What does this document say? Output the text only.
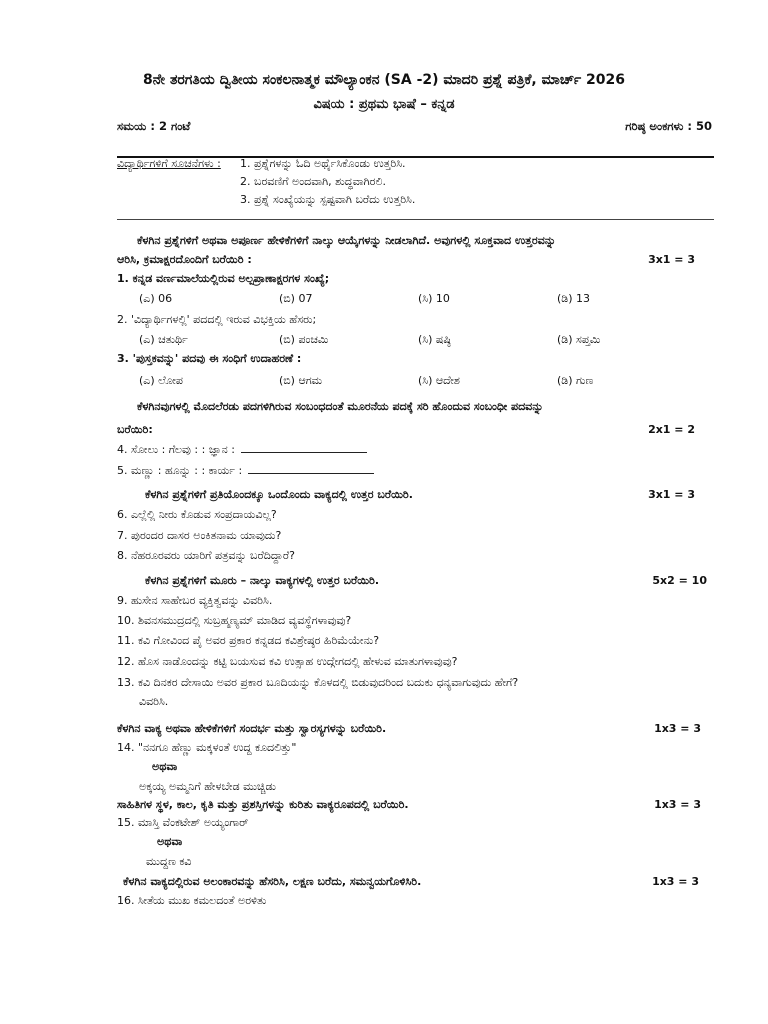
8ನೇ ತರಗತಿಯ ದ್ವಿತೀಯ ಸಂಕಲನಾತ್ಮಕ ಮೌಲ್ಯಾಂಕನ (SA -2) ಮಾದರಿ ಪ್ರಶ್ನೆ ಪತ್ರಿಕೆ, ಮಾರ್ಚ್ 2026
ವಿಷಯ : ಪ್ರಥಮ ಭಾಷೆ – ಕನ್ನಡ
ಸಮಯ : 2 ಗಂಟೆ	ಗರಿಷ್ಠ ಅಂಕಗಳು : 50
ವಿದ್ಯಾರ್ಥಿಗಳಿಗೆ ಸೂಚನೆಗಳು : 1. ಪ್ರಶ್ನೆಗಳನ್ನು ಓದಿ ಅರ್ಥೈಸಿಕೊಂಡು ಉತ್ತರಿಸಿ.
2. ಬರವಣಿಗೆ ಅಂದವಾಗಿ, ಶುದ್ಧವಾಗಿರಲಿ.
3. ಪ್ರಶ್ನೆ ಸಂಖ್ಯೆಯನ್ನು ಸ್ಪಷ್ಟವಾಗಿ ಬರೆದು ಉತ್ತರಿಸಿ.
ಕೆಳಗಿನ ಪ್ರಶ್ನೆಗಳಿಗೆ ಅಥವಾ ಅಪೂರ್ಣ ಹೇಳಿಕೆಗಳಿಗೆ ನಾಲ್ಕು ಆಯ್ಕೆಗಳನ್ನು ನೀಡಲಾಗಿದೆ. ಅವುಗಳಲ್ಲಿ ಸೂಕ್ತವಾದ ಉತ್ತರವನ್ನು
ಆರಿಸಿ, ಕ್ರಮಾಕ್ಷರದೊಂದಿಗೆ ಬರೆಯಿರಿ :	3x1 = 3
1. ಕನ್ನಡ ವರ್ಣಮಾಲೆಯಲ್ಲಿರುವ ಅಲ್ಪಪ್ರಾಣಾಕ್ಷರಗಳ ಸಂಖ್ಯೆ;
(ಎ) 06	(ಬಿ) 07	(ಸಿ) 10	(ಡಿ) 13
2. 'ವಿದ್ಯಾರ್ಥಿಗಳಲ್ಲಿ' ಪದದಲ್ಲಿ ಇರುವ ವಿಭಕ್ತಿಯ ಹೆಸರು;
(ಎ) ಚತುರ್ಥಿ	(ಬಿ) ಪಂಚಮಿ	(ಸಿ) ಷಷ್ಠಿ	(ಡಿ) ಸಪ್ತಮಿ
3. 'ಪುಸ್ತಕವನ್ನು' ಪದವು ಈ ಸಂಧಿಗೆ ಉದಾಹರಣೆ :
(ಎ) ಲೋಪ	(ಬಿ) ಆಗಮ	(ಸಿ) ಆದೇಶ	(ಡಿ) ಗುಣ
ಕೆಳಗಿನವುಗಳಲ್ಲಿ ಮೊದಲೆರಡು ಪದಗಳಿಗಿರುವ ಸಂಬಂಧದಂತೆ ಮೂರನೆಯ ಪದಕ್ಕೆ ಸರಿ ಹೊಂದುವ ಸಂಬಂಧೀ ಪದವನ್ನು
ಬರೆಯಿರಿ:	2x1 = 2
4. ಸೋಲು : ಗೆಲವು : : ಜ್ಞಾನ :
5. ಮಣ್ಣು : ಹೂನ್ನು : : ಕಾರ್ಯ :
ಕೆಳಗಿನ ಪ್ರಶ್ನೆಗಳಿಗೆ ಪ್ರತಿಯೊಂದಕ್ಕೂ ಒಂದೊಂದು ವಾಕ್ಯದಲ್ಲಿ ಉತ್ತರ ಬರೆಯಿರಿ.	3x1 = 3
6. ಎಲ್ಲೆಲ್ಲಿ ನೀರು ಕೊಡುವ ಸಂಪ್ರದಾಯವಿಲ್ಲ?
7. ಪುರಂದರ ದಾಸರ ಅಂಕಿತನಾಮ ಯಾವುದು?
8. ನೆಹರೂರವರು ಯಾರಿಗೆ ಪತ್ರವನ್ನು ಬರೆದಿದ್ದಾರೆ?
ಕೆಳಗಿನ ಪ್ರಶ್ನೆಗಳಿಗೆ ಮೂರು – ನಾಲ್ಕು ವಾಕ್ಯಗಳಲ್ಲಿ ಉತ್ತರ ಬರೆಯಿರಿ.	5x2 = 10
9. ಹುಸೇನ ಸಾಹೇಬರ ವ್ಯಕ್ತಿತ್ವವನ್ನು ವಿವರಿಸಿ.
10. ಶಿವನಸಮುದ್ರದಲ್ಲಿ ಸುಬ್ರಹ್ಮಣ್ಯಮ್ ಮಾಡಿದ ವ್ಯವಸ್ಥೆಗಳಾವುವು?
11. ಕವಿ ಗೋವಿಂದ ಪೈ ಅವರ ಪ್ರಕಾರ ಕನ್ನಡದ ಕವಿಶ್ರೇಷ್ಠರ ಹಿರಿಮೆಯೇನು?
12. ಹೊಸ ನಾಡೊಂದನ್ನು ಕಟ್ಟಿ ಬಯಸುವ ಕವಿ ಉತ್ಸಾಹ ಉದ್ಗೇಗದಲ್ಲಿ ಹೇಳುವ ಮಾತುಗಳಾವುವು?
13. ಕವಿ ದಿನಕರ ದೇಸಾಯಿ ಅವರ ಪ್ರಕಾರ ಬೂದಿಯನ್ನು ಕೊಳದಲ್ಲಿ ಬಿಡುವುದರಿಂದ ಬದುಕು ಧನ್ಯವಾಗುವುದು ಹೇಗೆ?
ವಿವರಿಸಿ.
ಕೆಳಗಿನ ವಾಕ್ಯ ಅಥವಾ ಹೇಳಿಕೆಗಳಿಗೆ ಸಂದರ್ಭ ಮತ್ತು ಸ್ವಾರಸ್ಯಗಳನ್ನು ಬರೆಯಿರಿ.	1x3 = 3
14. "ನನಗೂ ಹೆಣ್ಣು ಮಕ್ಕಳಂತೆ ಉದ್ದ ಕೂದಲಿತ್ತು"
ಅಥವಾ
ಅಕ್ಕಯ್ಯ ಅಮ್ಮನಿಗೆ ಹೇಳಬೇಡ ಮುಚ್ಚಿಡು
ಸಾಹಿತಿಗಳ ಸ್ಥಳ, ಕಾಲ, ಕೃತಿ ಮತ್ತು ಪ್ರಶಸ್ತಿಗಳನ್ನು ಕುರಿತು ವಾಕ್ಯರೂಪದಲ್ಲಿ ಬರೆಯಿರಿ.	1x3 = 3
15. ಮಾಸ್ತಿ ವೆಂಕಟೇಶ್ ಅಯ್ಯಂಗಾರ್
ಅಥವಾ
ಮುದ್ದಣ ಕವಿ
ಕೆಳಗಿನ ವಾಕ್ಯದಲ್ಲಿರುವ ಅಲಂಕಾರವನ್ನು ಹೆಸರಿಸಿ, ಲಕ್ಷಣ ಬರೆದು, ಸಮನ್ವಯಗೊಳಿಸಿರಿ.	1x3 = 3
16. ಸೀತೆಯ ಮುಖ ಕಮಲದಂತೆ ಅರಳಿತು
